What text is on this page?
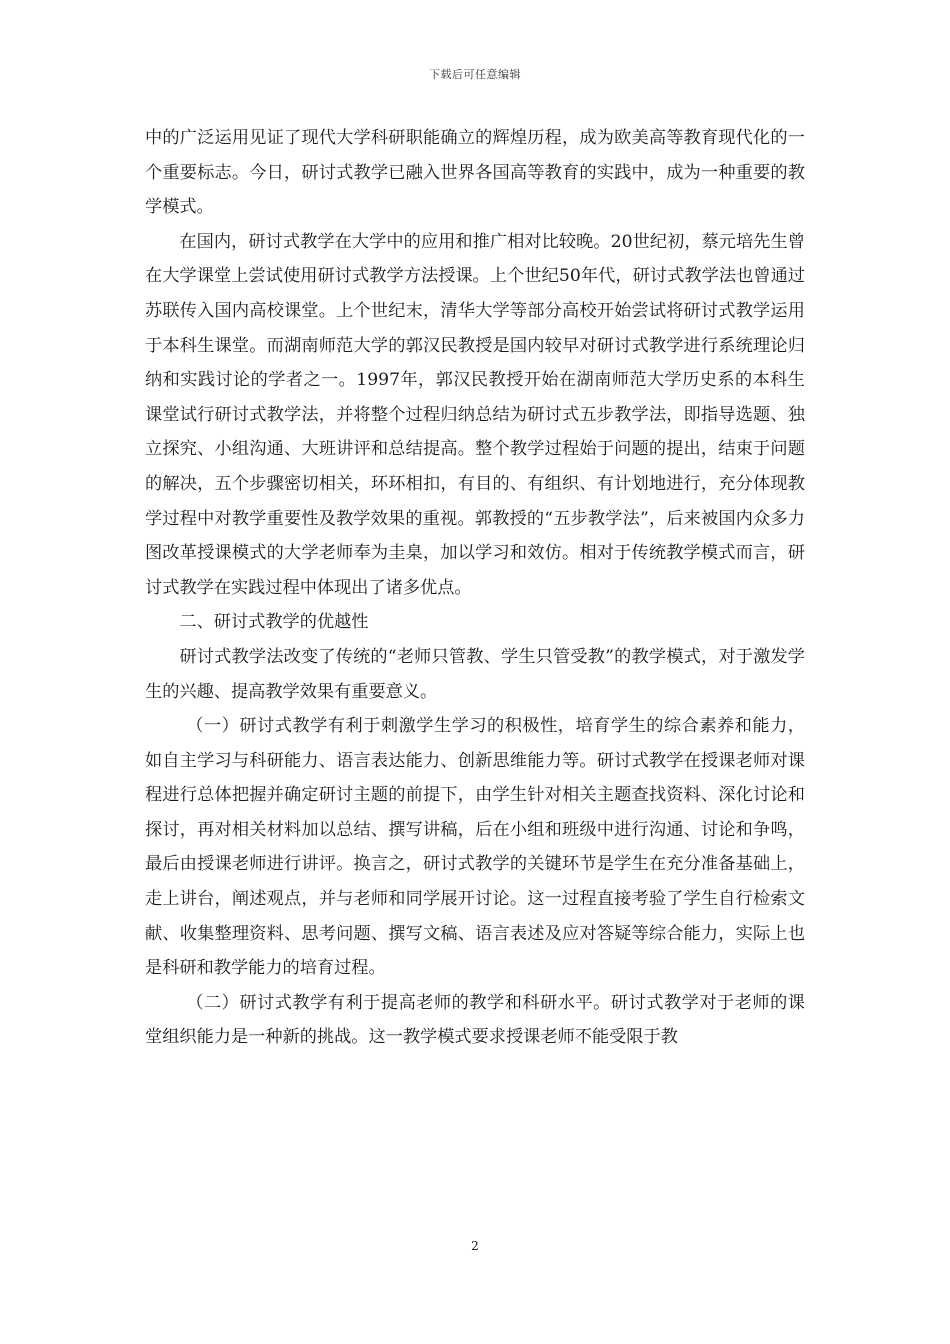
下载后可任意编辑

中的广泛运用见证了现代大学科研职能确立的辉煌历程，成为欧美高等教育现代化的一个重要标志。今日，研讨式教学已融入世界各国高等教育的实践中，成为一种重要的教学模式。

在国内，研讨式教学在大学中的应用和推广相对比较晚。20世纪初，蔡元培先生曾在大学课堂上尝试使用研讨式教学方法授课。上个世纪50年代，研讨式教学法也曾通过苏联传入国内高校课堂。上个世纪末，清华大学等部分高校开始尝试将研讨式教学运用于本科生课堂。而湖南师范大学的郭汉民教授是国内较早对研讨式教学进行系统理论归纳和实践讨论的学者之一。1997年，郭汉民教授开始在湖南师范大学历史系的本科生课堂试行研讨式教学法，并将整个过程归纳总结为研讨式五步教学法，即指导选题、独立探究、小组沟通、大班讲评和总结提高。整个教学过程始于问题的提出，结束于问题的解决，五个步骤密切相关，环环相扣，有目的、有组织、有计划地进行，充分体现教学过程中对教学重要性及教学效果的重视。郭教授的“五步教学法”，后来被国内众多力图改革授课模式的大学老师奉为圭臬，加以学习和效仿。相对于传统教学模式而言，研讨式教学在实践过程中体现出了诸多优点。

二、研讨式教学的优越性

研讨式教学法改变了传统的“老师只管教、学生只管受教”的教学模式，对于激发学生的兴趣、提高教学效果有重要意义。

（一）研讨式教学有利于刺激学生学习的积极性，培育学生的综合素养和能力，如自主学习与科研能力、语言表达能力、创新思维能力等。研讨式教学在授课老师对课程进行总体把握并确定研讨主题的前提下，由学生针对相关主题查找资料、深化讨论和探讨，再对相关材料加以总结、撰写讲稿，后在小组和班级中进行沟通、讨论和争鸣，最后由授课老师进行讲评。换言之，研讨式教学的关键环节是学生在充分准备基础上，走上讲台，阐述观点，并与老师和同学展开讨论。这一过程直接考验了学生自行检索文献、收集整理资料、思考问题、撰写文稿、语言表述及应对答疑等综合能力，实际上也是科研和教学能力的培育过程。

（二）研讨式教学有利于提高老师的教学和科研水平。研讨式教学对于老师的课堂组织能力是一种新的挑战。这一教学模式要求授课老师不能受限于教

2
